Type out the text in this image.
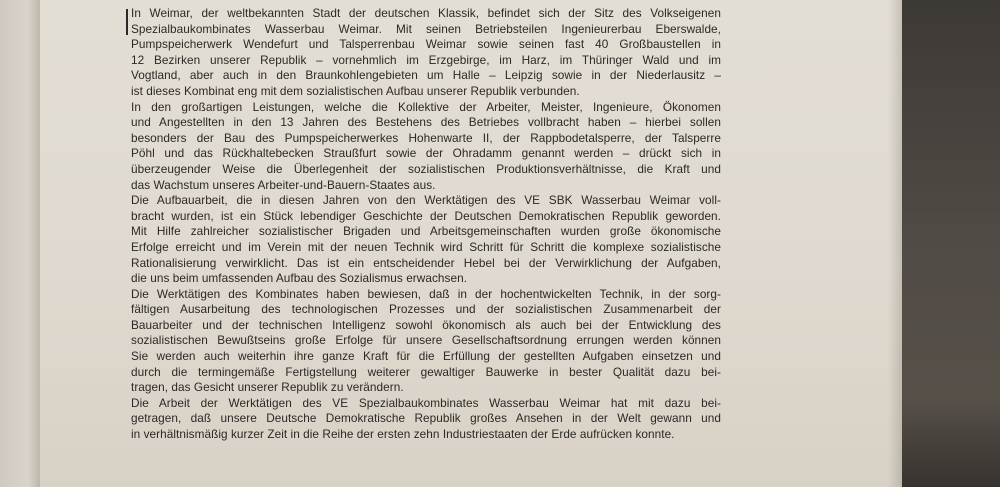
In Weimar, der weltbekannten Stadt der deutschen Klassik, befindet sich der Sitz des Volkseigenen
Spezialbaukombinates Wasserbau Weimar. Mit seinen Betriebsteilen Ingenieurerbau Eberswalde,
Pumpspeicherwerk Wendefurt und Talsperrenbau Weimar sowie seinen fast 40 Großbaustellen in
12 Bezirken unserer Republik – vornehmlich im Erzgebirge, im Harz, im Thüringer Wald und im
Vogtland, aber auch in den Braunkohlengebieten um Halle – Leipzig sowie in der Niederlausitz –
ist dieses Kombinat eng mit dem sozialistischen Aufbau unserer Republik verbunden.
In den großartigen Leistungen, welche die Kollektive der Arbeiter, Meister, Ingenieure, Ökonomen
und Angestellten in den 13 Jahren des Bestehens des Betriebes vollbracht haben – hierbei sollen
besonders der Bau des Pumpspeicherwerkes Hohenwarte II, der Rappbodetalsperre, der Talsperre
Pöhl und das Rückhaltebecken Straußfurt sowie der Ohradamm genannt werden – drückt sich in
überzeugender Weise die Überlegenheit der sozialistischen Produktionsverhältnisse, die Kraft und
das Wachstum unseres Arbeiter-und-Bauern-Staates aus.
Die Aufbauarbeit, die in diesen Jahren von den Werktätigen des VE SBK Wasserbau Weimar voll-
bracht wurden, ist ein Stück lebendiger Geschichte der Deutschen Demokratischen Republik geworden.
Mit Hilfe zahlreicher sozialistischer Brigaden und Arbeitsgemeinschaften wurden große ökonomische
Erfolge erreicht und im Verein mit der neuen Technik wird Schritt für Schritt die komplexe sozialistische
Rationalisierung verwirklicht. Das ist ein entscheidender Hebel bei der Verwirklichung der Aufgaben,
die uns beim umfassenden Aufbau des Sozialismus erwachsen.
Die Werktätigen des Kombinates haben bewiesen, daß in der hochentwickelten Technik, in der sorg-
fältigen Ausarbeitung des technologischen Prozesses und der sozialistischen Zusammenarbeit der
Bauarbeiter und der technischen Intelligenz sowohl ökonomisch als auch bei der Entwicklung des
sozialistischen Bewußtseins große Erfolge für unsere Gesellschaftsordnung errungen werden können
Sie werden auch weiterhin ihre ganze Kraft für die Erfüllung der gestellten Aufgaben einsetzen und
durch die termingemäße Fertigstellung weiterer gewaltiger Bauwerke in bester Qualität dazu bei-
tragen, das Gesicht unserer Republik zu verändern.
Die Arbeit der Werktätigen des VE Spezialbaukombinates Wasserbau Weimar hat mit dazu bei-
getragen, daß unsere Deutsche Demokratische Republik großes Ansehen in der Welt gewann und
in verhältnismäßig kurzer Zeit in die Reihe der ersten zehn Industriestaaten der Erde aufrücken konnte.
